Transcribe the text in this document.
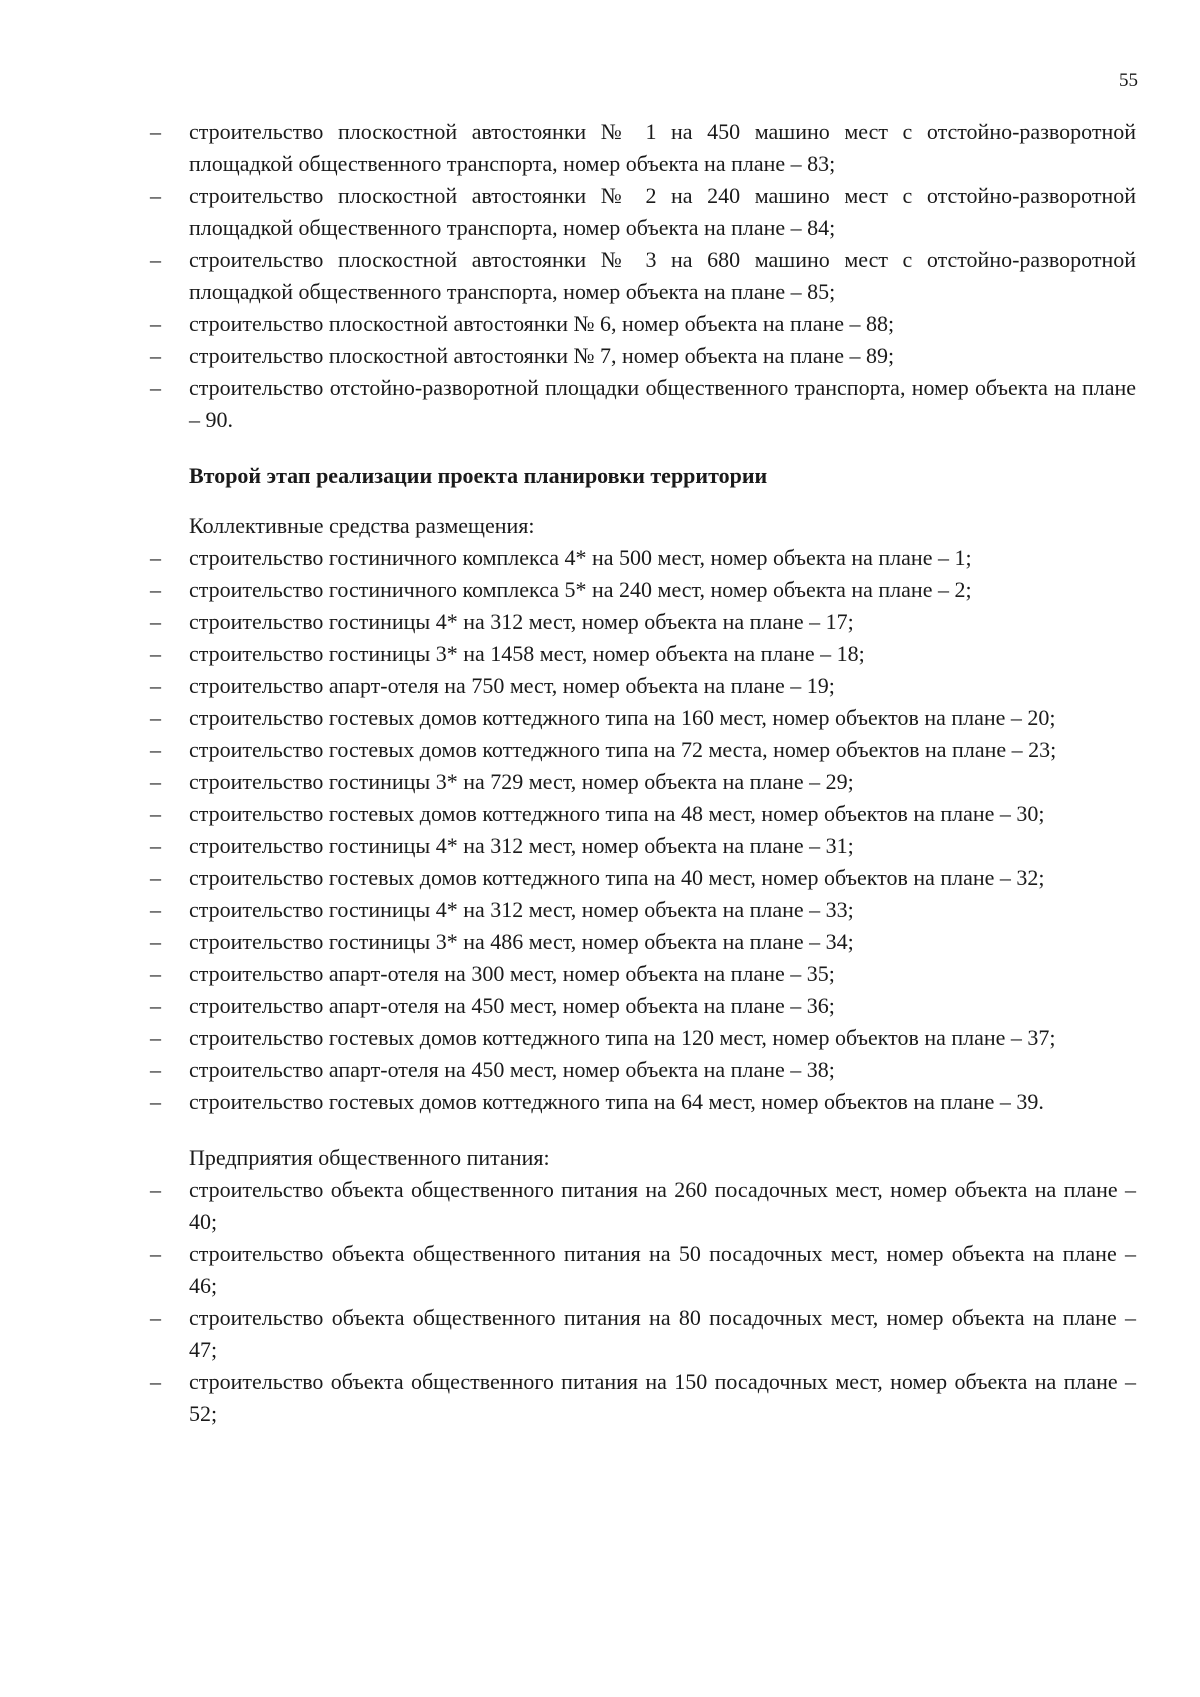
55
– строительство плоскостной автостоянки № 1 на 450 машино мест с отстойно-разворотной площадкой общественного транспорта, номер объекта на плане – 83;
– строительство плоскостной автостоянки № 2 на 240 машино мест с отстойно-разворотной площадкой общественного транспорта, номер объекта на плане – 84;
– строительство плоскостной автостоянки № 3 на 680 машино мест с отстойно-разворотной площадкой общественного транспорта, номер объекта на плане – 85;
– строительство плоскостной автостоянки № 6, номер объекта на плане – 88;
– строительство плоскостной автостоянки № 7, номер объекта на плане – 89;
– строительство отстойно-разворотной площадки общественного транспорта, номер объекта на плане – 90.
Второй этап реализации проекта планировки территории
Коллективные средства размещения:
– строительство гостиничного комплекса 4* на 500 мест, номер объекта на плане – 1;
– строительство гостиничного комплекса 5* на 240 мест, номер объекта на плане – 2;
– строительство гостиницы 4* на 312 мест, номер объекта на плане – 17;
– строительство гостиницы 3* на 1458 мест, номер объекта на плане – 18;
– строительство апарт-отеля на 750 мест, номер объекта на плане – 19;
– строительство гостевых домов коттеджного типа на 160 мест, номер объектов на плане – 20;
– строительство гостевых домов коттеджного типа на 72 места, номер объектов на плане – 23;
– строительство гостиницы 3* на 729 мест, номер объекта на плане – 29;
– строительство гостевых домов коттеджного типа на 48 мест, номер объектов на плане – 30;
– строительство гостиницы 4* на 312 мест, номер объекта на плане – 31;
– строительство гостевых домов коттеджного типа на 40 мест, номер объектов на плане – 32;
– строительство гостиницы 4* на 312 мест, номер объекта на плане – 33;
– строительство гостиницы 3* на 486 мест, номер объекта на плане – 34;
– строительство апарт-отеля на 300 мест, номер объекта на плане – 35;
– строительство апарт-отеля на 450 мест, номер объекта на плане – 36;
– строительство гостевых домов коттеджного типа на 120 мест, номер объектов на плане – 37;
– строительство апарт-отеля на 450 мест, номер объекта на плане – 38;
– строительство гостевых домов коттеджного типа на 64 мест, номер объектов на плане – 39.
Предприятия общественного питания:
– строительство объекта общественного питания на 260 посадочных мест, номер объекта на плане – 40;
– строительство объекта общественного питания на 50 посадочных мест, номер объекта на плане – 46;
– строительство объекта общественного питания на 80 посадочных мест, номер объекта на плане – 47;
– строительство объекта общественного питания на 150 посадочных мест, номер объекта на плане – 52;
